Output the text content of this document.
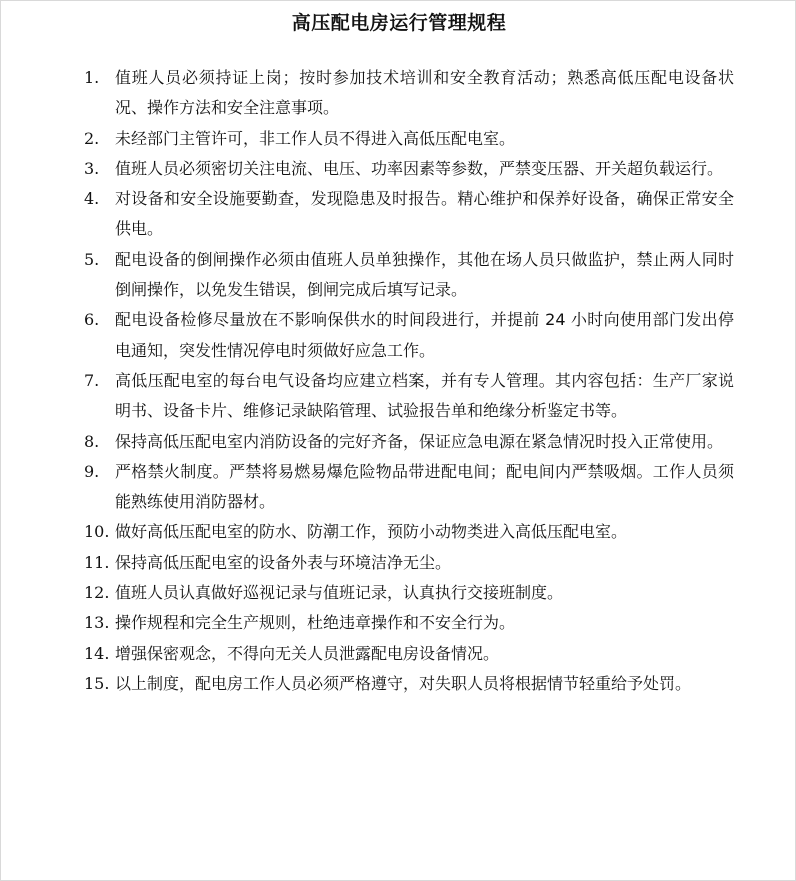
高压配电房运行管理规程
1. 值班人员必须持证上岗；按时参加技术培训和安全教育活动；熟悉高低压配电设备状况、操作方法和安全注意事项。
2. 未经部门主管许可，非工作人员不得进入高低压配电室。
3. 值班人员必须密切关注电流、电压、功率因素等参数，严禁变压器、开关超负载运行。
4. 对设备和安全设施要勤查，发现隐患及时报告。精心维护和保养好设备，确保正常安全供电。
5. 配电设备的倒闸操作必须由值班人员单独操作，其他在场人员只做监护，禁止两人同时倒闸操作，以免发生错误，倒闸完成后填写记录。
6. 配电设备检修尽量放在不影响保供水的时间段进行，并提前 24 小时向使用部门发出停电通知，突发性情况停电时须做好应急工作。
7. 高低压配电室的每台电气设备均应建立档案，并有专人管理。其内容包括：生产厂家说明书、设备卡片、维修记录缺陷管理、试验报告单和绝缘分析鉴定书等。
8. 保持高低压配电室内消防设备的完好齐备，保证应急电源在紧急情况时投入正常使用。
9. 严格禁火制度。严禁将易燃易爆危险物品带进配电间；配电间内严禁吸烟。工作人员须能熟练使用消防器材。
10. 做好高低压配电室的防水、防潮工作，预防小动物类进入高低压配电室。
11. 保持高低压配电室的设备外表与环境洁净无尘。
12. 值班人员认真做好巡视记录与值班记录，认真执行交接班制度。
13. 操作规程和完全生产规则，杜绝违章操作和不安全行为。
14. 增强保密观念，不得向无关人员泄露配电房设备情况。
15. 以上制度，配电房工作人员必须严格遵守，对失职人员将根据情节轻重给予处罚。
